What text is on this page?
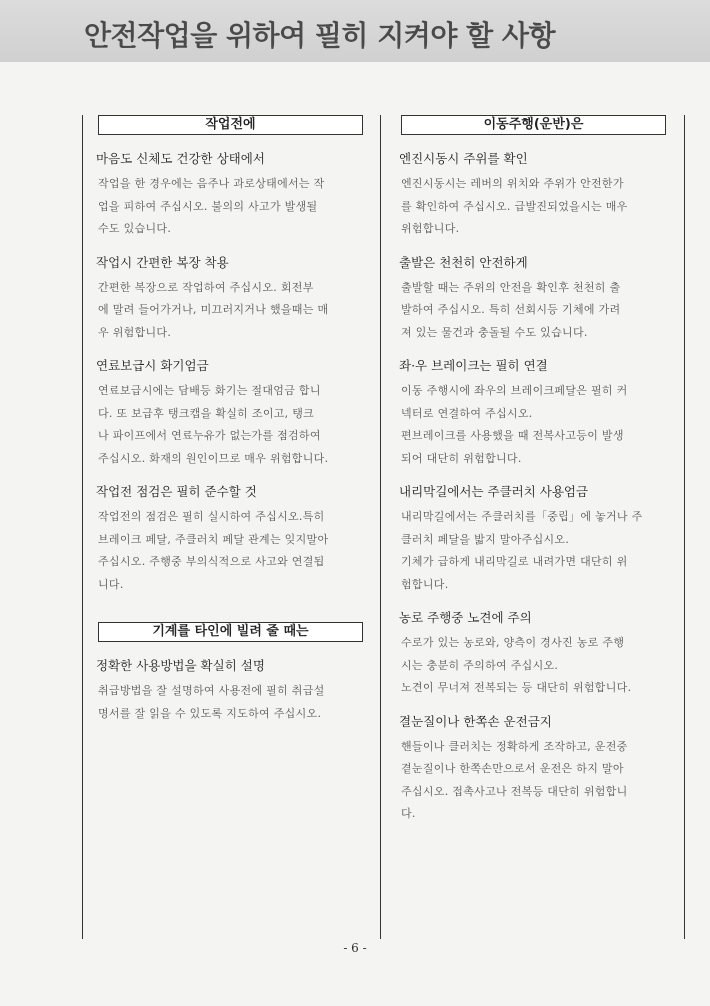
안전작업을 위하여 필히 지켜야 할 사항
작업전에
마음도 신체도 건강한 상태에서
작업을 한 경우에는 음주나 과로상태에서는 작
업을 피하여 주십시오. 불의의 사고가 발생될
수도 있습니다.
작업시 간편한 복장 착용
간편한 복장으로 작업하여 주십시오. 회전부
에 말려 들어가거나, 미끄러지거나 했을때는 매
우 위험합니다.
연료보급시 화기엄금
연료보급시에는 담배등 화기는 절대엄금 합니
다. 또 보급후 탱크캡을 확실히 조이고, 탱크
나 파이프에서 연료누유가 없는가를 점검하여
주십시오. 화재의 원인이므로 매우 위험합니다.
작업전 점검은 필히 준수할 것
작업전의 점검은 필히 실시하여 주십시오.특히
브레이크 페달, 주클러치 페달 관계는 잊지말아
주십시오. 주행중 부의식적으로 사고와 연결됩
니다.
기계를 타인에 빌려 줄 때는
정확한 사용방법을 확실히 설명
취급방법을 잘 설명하여 사용전에 필히 취급설
명서를 잘 읽을 수 있도록 지도하여 주십시오.
이동주행(운반)은
엔진시동시 주위를 확인
엔진시동시는 레버의 위치와 주위가 안전한가
를 확인하여 주십시오. 급발진되었을시는 매우
위험합니다.
출발은 천천히 안전하게
출발할 때는 주위의 안전을 확인후 천천히 출
발하여 주십시오. 특히 선회시등 기체에 가려
져 있는 물건과 충돌될 수도 있습니다.
좌·우 브레이크는 필히 연결
이동 주행시에 좌우의 브레이크페달은 필히 커
넥터로 연결하여 주십시오.
편브레이크를 사용했을 때 전복사고등이 발생
되어 대단히 위험합니다.
내리막길에서는 주클러치 사용엄금
내리막길에서는 주클러치를「중립」에 놓거나 주
클러치 페달을 밟지 말아주십시오.
기체가 급하게 내리막길로 내려가면 대단히 위
험합니다.
농로 주행중 노견에 주의
수로가 있는 농로와, 양측이 경사진 농로 주행
시는 충분히 주의하여 주십시오.
노견이 무너져 전복되는 등 대단히 위험합니다.
결눈질이나 한쪽손 운전금지
핸들이나 클러치는 정확하게 조작하고, 운전중
곁눈질이나 한쪽손만으로서 운전은 하지 말아
주십시오. 접촉사고나 전복등 대단히 위험합니
다.
- 6 -
